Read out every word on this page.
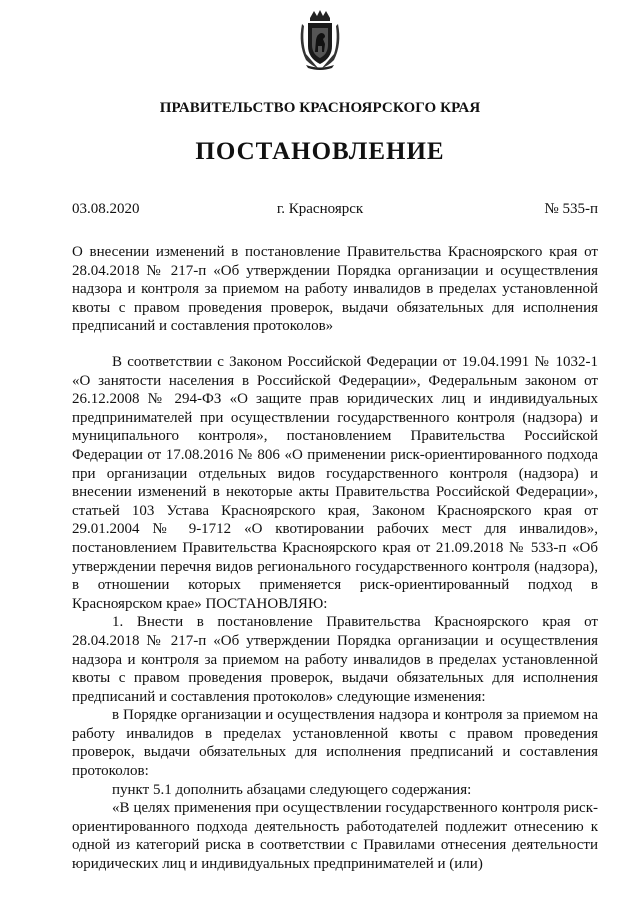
ПРАВИТЕЛЬСТВО КРАСНОЯРСКОГО КРАЯ
ПОСТАНОВЛЕНИЕ
03.08.2020	г. Красноярск	№ 535-п
О внесении изменений в постановление Правительства Красноярского края от 28.04.2018 № 217-п «Об утверждении Порядка организации и осуществления надзора и контроля за приемом на работу инвалидов в пределах установленной квоты с правом проведения проверок, выдачи обязательных для исполнения предписаний и составления протоколов»

В соответствии с Законом Российской Федерации от 19.04.1991 № 1032-1 «О занятости населения в Российской Федерации», Федеральным законом от 26.12.2008 № 294-ФЗ «О защите прав юридических лиц и индивидуальных предпринимателей при осуществлении государственного контроля (надзора) и муниципального контроля», постановлением Правительства Российской Федерации от 17.08.2016 № 806 «О применении риск-ориентированного подхода при организации отдельных видов государственного контроля (надзора) и внесении изменений в некоторые акты Правительства Российской Федерации», статьей 103 Устава Красноярского края, Законом Красноярского края от 29.01.2004 № 9-1712 «О квотировании рабочих мест для инвалидов», постановлением Правительства Красноярского края от 21.09.2018 № 533-п «Об утверждении перечня видов регионального государственного контроля (надзора), в отношении которых применяется риск-ориентированный подход в Красноярском крае» ПОСТАНОВЛЯЮ:

1. Внести в постановление Правительства Красноярского края от 28.04.2018 № 217-п «Об утверждении Порядка организации и осуществления надзора и контроля за приемом на работу инвалидов в пределах установленной квоты с правом проведения проверок, выдачи обязательных для исполнения предписаний и составления протоколов» следующие изменения:

в Порядке организации и осуществления надзора и контроля за приемом на работу инвалидов в пределах установленной квоты с правом проведения проверок, выдачи обязательных для исполнения предписаний и составления протоколов:

пункт 5.1 дополнить абзацами следующего содержания:

«В целях применения при осуществлении государственного контроля риск-ориентированного подхода деятельность работодателей подлежит отнесению к одной из категорий риска в соответствии с Правилами отнесения деятельности юридических лиц и индивидуальных предпринимателей и (или)
